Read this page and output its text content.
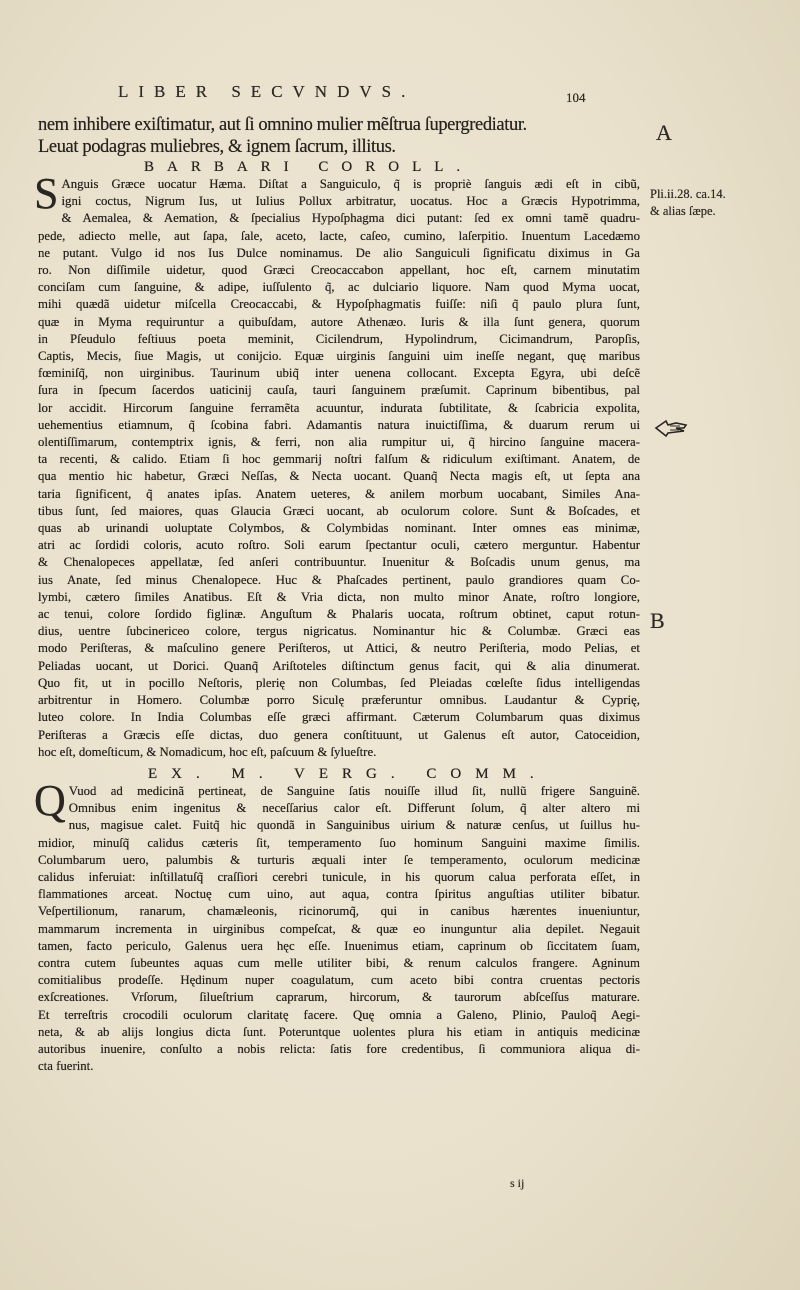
LIBER SECVNDVS.	104
nem inhibere exiſtimatur, aut ſi omnino mulier mẽſtrua ſupergrediatur.
Leuat podagras muliebres, & ignem ſacrum, illitus.
BARBARI COROLL.
S Anguis Græce uocatur Hæma. Diſtat a Sanguiculo, q̃ is propriè ſanguis ædi eſt in cibũ,
igni coctus, Nigrum Ius, ut Iulius Pollux arbitratur, uocatus. Hoc a Græcis Hypotrimma,
& Aemalea, & Aemation, & ſpecialius Hypoſphagma dici putant: ſed ex omni tamẽ quadru-
pede, adiecto melle, aut ſapa, ſale, aceto, lacte, caſeo, cumino, laſerpitio. Inuentum Lacedæmo
ne putant. Vulgo id nos Ius Dulce nominamus. De alio Sanguiculi ſignificatu diximus in Ga
ro. Non diſſimile uidetur, quod Græci Creocaccabon appellant, hoc eſt, carnem minutatim
conciſam cum ſanguine, & adipe, iuſſulento q̃, ac dulciario liquore. Nam quod Myma uocat,
mihi quædã uidetur miſcella Creocaccabi, & Hypoſphagmatis fuiſſe: niſi q̃ paulo plura ſunt,
quæ in Myma requiruntur a quibuſdam, autore Athenæo. Iuris & illa ſunt genera, quorum
in Pſeudulo feſtiuus poeta meminit, Cicilendrum, Hypolindrum, Cicimandrum, Paropſis,
Captis, Mecis, ſiue Magis, ut conijcio. Equæ uirginis ſanguini uim ineſſe negant, quę maribus
fœminiſq̃, non uirginibus. Taurinum ubiq̃ inter uenena collocant. Excepta Egyra, ubi deſcẽ
ſura in ſpecum ſacerdos uaticinij cauſa, tauri ſanguinem præſumit. Caprinum bibentibus, pal
lor accidit. Hircorum ſanguine ferramẽta acuuntur, indurata ſubtilitate, & ſcabricia expolita,
uehementius etiamnum, q̃ ſcobina fabri. Adamantis natura inuictiſſima, & duarum rerum ui
olentiſſimarum, contemptrix ignis, & ferri, non alia rumpitur ui, q̃ hircino ſanguine macera-
ta recenti, & calido. Etiam ſi hoc gemmarij noſtri falſum & ridiculum exiſtimant. Anatem, de
qua mentio hic habetur, Græci Neſſas, & Necta uocant. Quanq̃ Necta magis eſt, ut ſepta ana
taria ſignificent, q̃ anates ipſas. Anatem ueteres, & anilem morbum uocabant, Similes Ana-
tibus ſunt, ſed maiores, quas Glaucia Græci uocant, ab oculorum colore. Sunt & Boſcades, et
quas ab urinandi uoluptate Colymbos, & Colymbidas nominant. Inter omnes eas minimæ,
atri ac ſordidi coloris, acuto roſtro. Soli earum ſpectantur oculi, cætero merguntur. Habentur
& Chenalopeces appellatæ, ſed anſeri contribuuntur. Inuenitur & Boſcadis unum genus, ma
ius Anate, ſed minus Chenalopece. Huc & Phaſcades pertinent, paulo grandiores quam Co-
lymbi, cætero ſimiles Anatibus. Eſt & Vria dicta, non multo minor Anate, roſtro longiore,
ac tenui, colore ſordido figlinæ. Anguſtum & Phalaris uocata, roſtrum obtinet, caput rotun-
dius, uentre ſubcinericeo colore, tergus nigricatus. Nominantur hic & Columbæ. Græci eas
modo Periſteras, & maſculino genere Periſteros, ut Attici, & neutro Periſteria, modo Pelias, et
Peliadas uocant, ut Dorici. Quanq̃ Ariſtoteles diſtinctum genus facit, qui & alia dinumerat.
Quo fit, ut in pocillo Neſtoris, plerię non Columbas, ſed Pleiadas cœleſte ſidus intelligendas
arbitrentur in Homero. Columbæ porro Siculę præferuntur omnibus. Laudantur & Cyprię,
luteo colore. In India Columbas eſſe græci affirmant. Cæterum Columbarum quas diximus
Periſteras a Græcis eſſe dictas, duo genera conſtituunt, ut Galenus eſt autor, Catoceidion,
hoc eſt, domeſticum, & Nomadicum, hoc eſt, paſcuum & ſylueſtre.
EX. M. VERG. COMM.
Q Vuod ad medicinã pertineat, de Sanguine ſatis nouiſſe illud ſit, nullũ frigere Sanguinẽ.
Omnibus enim ingenitus & neceſſarius calor eſt. Differunt ſolum, q̃ alter altero mi
nus, magisue calet. Fuitq̃ hic quondã in Sanguinibus uirium & naturæ cenſus, ut ſuillus hu-
midior, minuſq̃ calidus cæteris ſit, temperamento ſuo hominum Sanguini maxime ſimilis.
Columbarum uero, palumbis & turturis æquali inter ſe temperamento, oculorum medicinæ
calidus inferuiat: inſtillatuſq̃ craſſiori cerebri tunicule, in his quorum calua perforata eſſet, in
flammationes arceat. Noctuę cum uino, aut aqua, contra ſpiritus anguſtias utiliter bibatur.
Veſpertilionum, ranarum, chamæleonis, ricinorumq̃, qui in canibus hærentes inueniuntur,
mammarum incrementa in uirginibus compeſcat, & quæ eo inunguntur alia depilet. Negauit
tamen, facto periculo, Galenus uera hęc eſſe. Inuenimus etiam, caprinum ob ſiccitatem ſuam,
contra cutem ſubeuntes aquas cum melle utiliter bibi, & renum calculos frangere. Agninum
comitialibus prodeſſe. Hędinum nuper coagulatum, cum aceto bibi contra cruentas pectoris
exſcreationes. Vrſorum, ſilueſtrium caprarum, hircorum, & taurorum abſceſſus maturare.
Et terreſtris crocodili oculorum claritatę facere. Quę omnia a Galeno, Plinio, Pauloq̃ Aegi-
neta, & ab alijs longius dicta ſunt. Poteruntque uolentes plura his etiam in antiquis medicinæ
autoribus inuenire, conſulto a nobis relicta: ſatis fore credentibus, ſi communiora aliqua di-
cta fuerint.
A
Pli.ii.28. ca.14.
& alias ſæpe.
B
s ij
